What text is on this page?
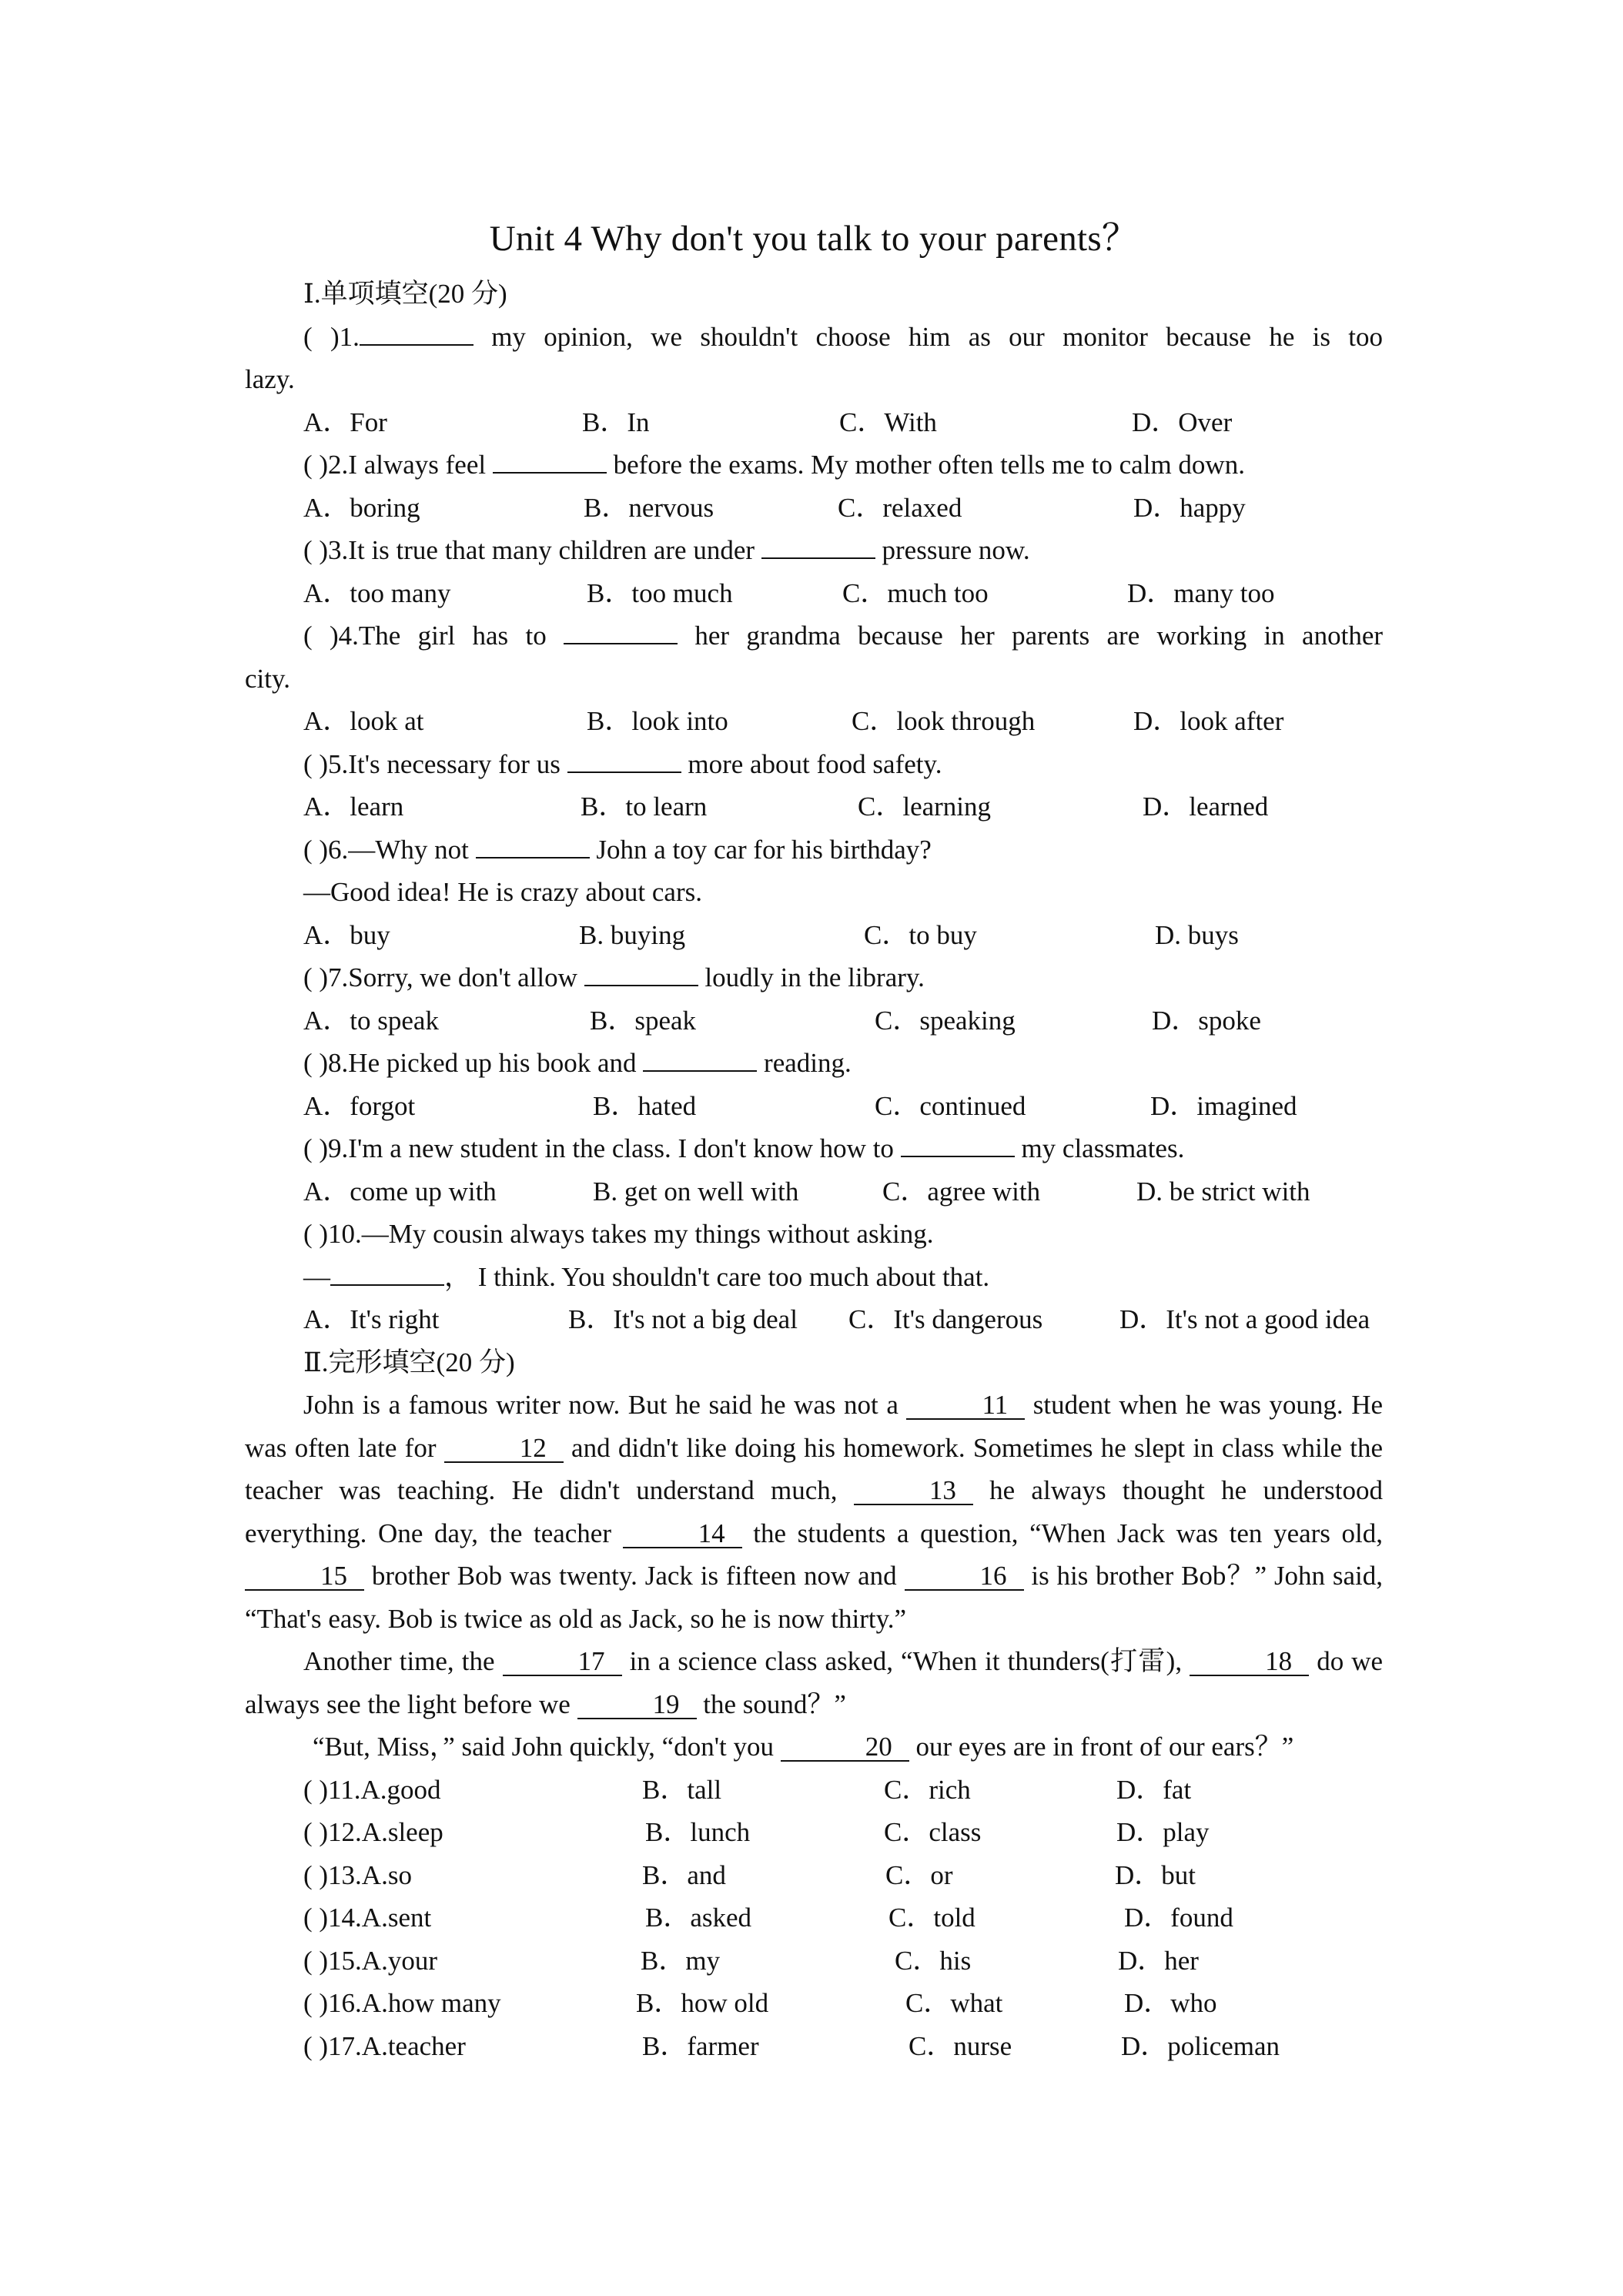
Unit 4 Why don't you talk to your parents？
Ⅰ.单项填空(20 分)
( )1.	my opinion, we shouldn't choose him as our monitor because he is too
lazy.
A．For	B．In	C．With	D．Over
( )2.I always feel	before the exams. My mother often tells me to calm down.
A．boring	B．nervous	C．relaxed	D．happy
( )3.It is true that many children are under	pressure now.
A．too many	B．too much	C．much too	D．many too
( )4.The girl has to	her grandma because her parents are working in another
city.
A．look at	B．look into	C．look through	D．look after
( )5.It's necessary for us	more about food safety.
A．learn	B．to learn	C．learning	D．learned
( )6.—Why not	John a toy car for his birthday?
—Good idea! He is crazy about cars.
A．buy	B. buying	C．to buy	D. buys
( )7.Sorry, we don't allow	loudly in the library.
A．to speak	B．speak	C．speaking	D．spoke
( )8.He picked up his book and	reading.
A．forgot	B．hated	C．continued	D．imagined
( )9.I'm a new student in the class. I don't know how to	my classmates.
A．come up with	B. get on well with	C．agree with	D. be strict with
( )10.—My cousin always takes my things without asking.
—	， I think. You shouldn't care too much about that.
A．It's right	B．It's not a big deal	C．It's dangerous	D．It's not a good idea
Ⅱ.完形填空(20 分)
John is a famous writer now. But he said he was not a	11 student when he was young. He was often late for	12 and didn't like doing his homework. Sometimes he slept in class while the teacher was teaching. He didn't understand much,	13 he always thought he understood everything. One day, the teacher	14 the students a question, “When Jack was ten years old, 15 brother Bob was twenty. Jack is fifteen now and	16 is his brother Bob？” John said, “That's easy. Bob is twice as old as Jack, so he is now thirty.”
Another time, the	17 in a science class asked, “When it thunders(打雷),	18 do we always see the light before we	19 the sound？”
“But, Miss，” said John quickly, “don't you	20 our eyes are in front of our ears？”
( )11.A.good	B．tall	C．rich	D．fat
( )12.A.sleep	B．lunch	C．class	D．play
( )13.A.so	B．and	C．or	D．but
( )14.A.sent	B．asked	C．told	D．found
( )15.A.your	B．my	C．his	D．her
( )16.A.how many	B．how old	C．what	D．who
( )17.A.teacher	B．farmer	C．nurse	D．policeman
